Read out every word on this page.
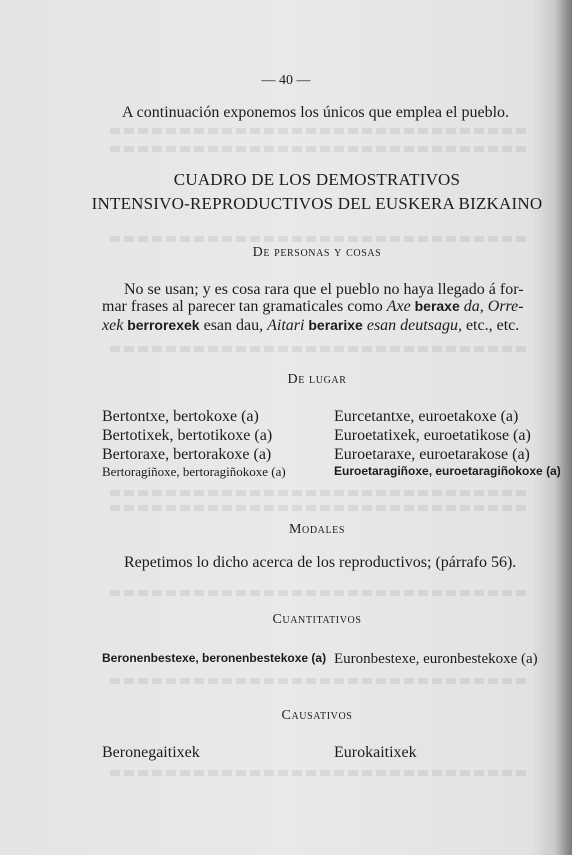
— 40 —
A continuación exponemos los únicos que emplea el pueblo.
CUADRO DE LOS DEMOSTRATIVOS
INTENSIVO-REPRODUCTIVOS DEL EUSKERA BIZKAINO
De personas y cosas
No se usan; y es cosa rara que el pueblo no haya llegado á for-
mar frases al parecer tan gramaticales como Axe beraxe da, Orre-
xek berrorexek esan dau, Aitari berarixe esan deutsagu, etc., etc.
De lugar
Bertontxe, bertokoxe (a)
Bertotixek, bertotikoxe (a)
Bertoraxe, bertorakoxe (a)
Bertoragiñoxe, bertoragiñokoxe (a)
Eurcetantxe, euroetakoxe (a)
Euroetatixek, euroetatikose (a)
Euroetaraxe, euroetarakose (a)
Euroetaragiñoxe, euroetaragiñokoxe (a)
Modales
Repetimos lo dicho acerca de los reproductivos; (párrafo 56).
Cuantitativos
Beronenbestexe, beronenbestekoxe (a) Euronbestexe, euronbestekoxe (a)
Causativos
Beronegaitixek	Eurokaitixek
